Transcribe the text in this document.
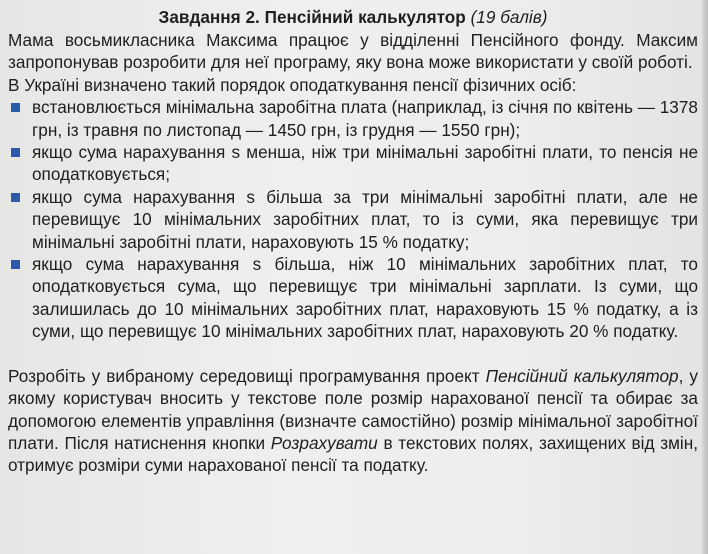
Завдання 2. Пенсійний калькулятор (19 балів)

Мама восьмикласника Максима працює у відділенні Пенсійного фонду. Максим запропонував розробити для неї програму, яку вона може використати у своїй роботі.

В Україні визначено такий порядок оподаткування пенсії фізичних осіб:

встановлюється мінімальна заробітна плата (наприклад, із січня по квітень — 1378 грн, із травня по листопад — 1450 грн, із грудня — 1550 грн);
якщо сума нарахування s менша, ніж три мінімальні заробітні плати, то пенсія не оподатковується;
якщо сума нарахування s більша за три мінімальні заробітні плати, але не перевищує 10 мінімальних заробітних плат, то із суми, яка перевищує три мінімальні заробітні плати, нараховують 15 % податку;
якщо сума нарахування s більша, ніж 10 мінімальних заробітних плат, то оподатковується сума, що перевищує три мінімальні зарплати. Із суми, що залишилась до 10 мінімальних заробітних плат, нараховують 15 % податку, а із суми, що перевищує 10 мінімальних заробітних плат, нараховують 20 % податку.

Розробіть у вибраному середовищі програмування проект Пенсійний калькулятор, у якому користувач вносить у текстове поле розмір нарахованої пенсії та обирає за допомогою елементів управління (визначте самостійно) розмір мінімальної заробітної плати. Після натиснення кнопки Розрахувати в текстових полях, захищених від змін, отримує розміри суми нарахованої пенсії та податку.
